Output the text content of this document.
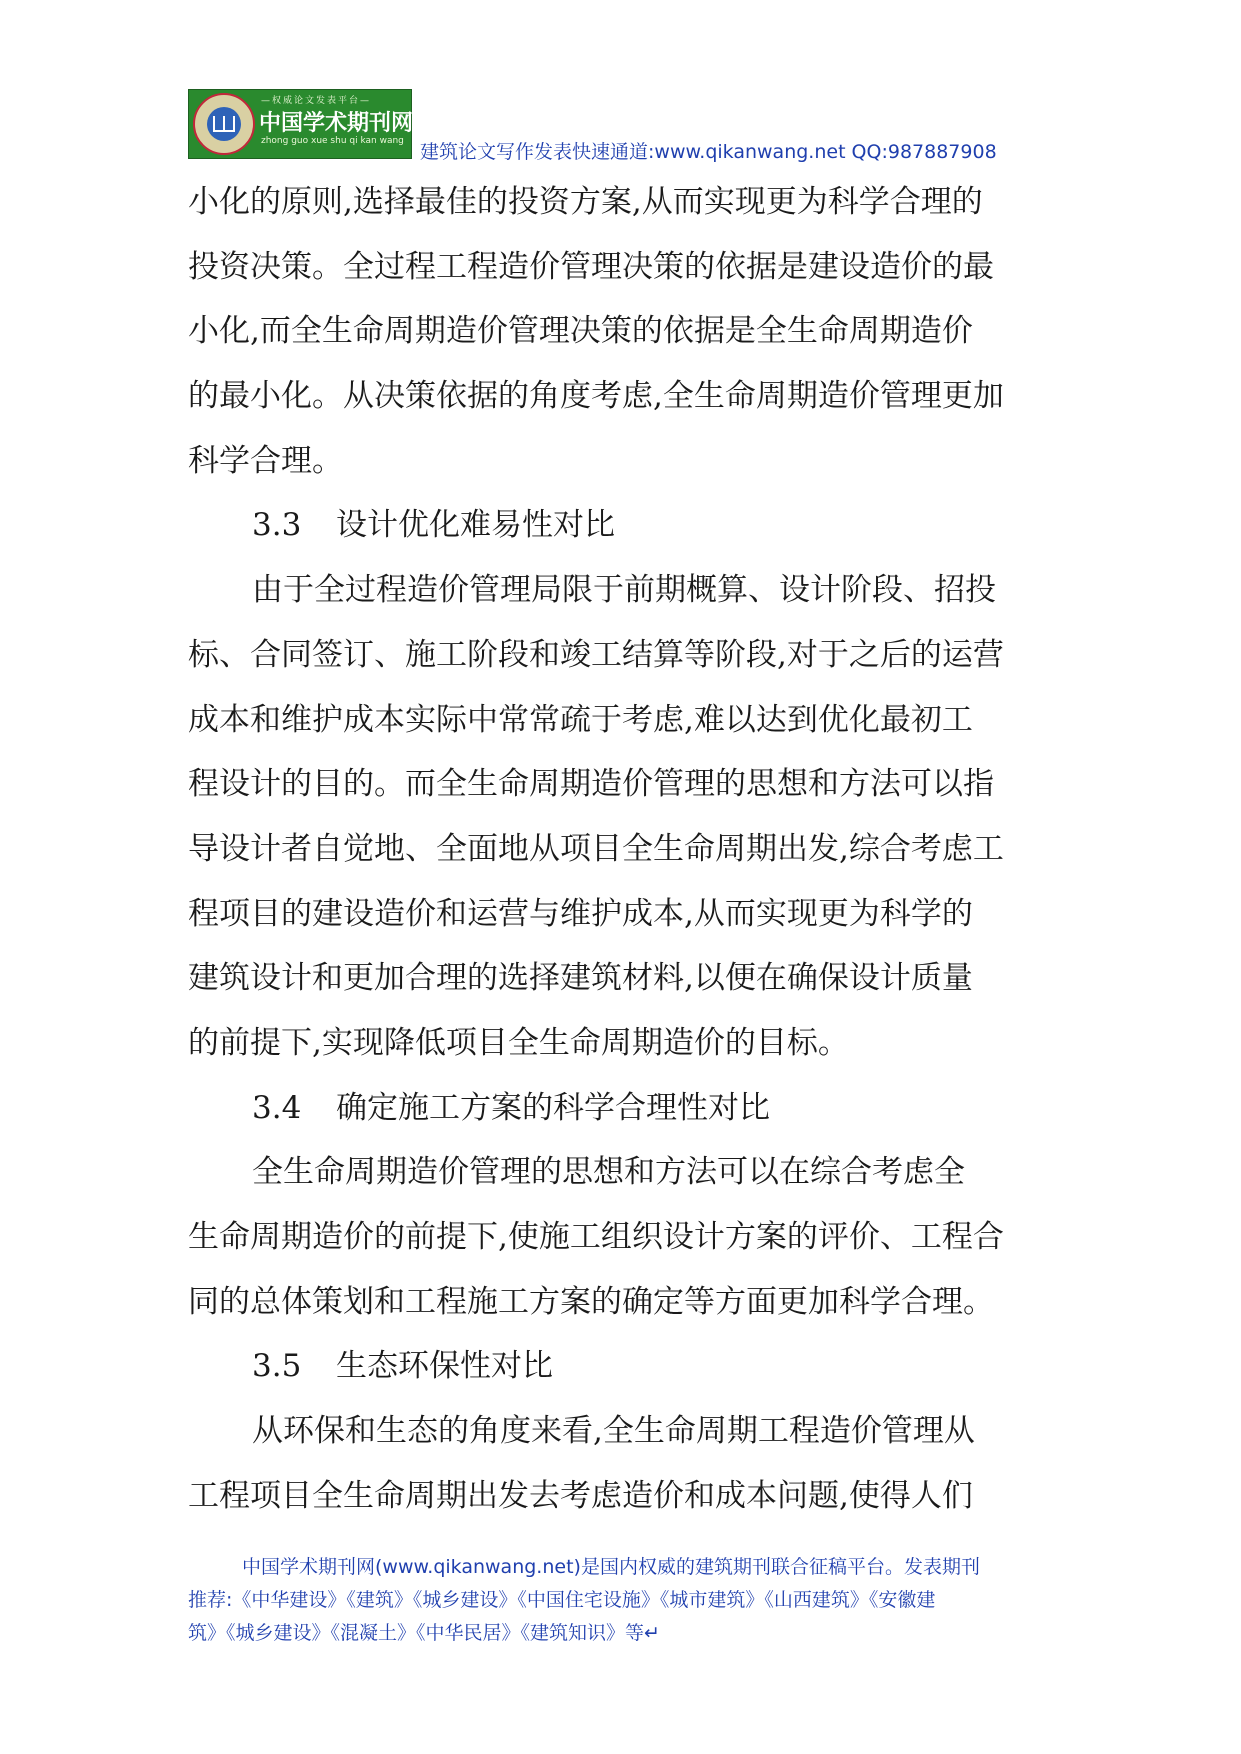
—权威论文发表平台—
中国学术期刊网
zhong guo xue shu qi kan wang 建筑论文写作发表快速通道:www.qikanwang.net QQ:987887908
小化的原则,选择最佳的投资方案,从而实现更为科学合理的
投资决策。全过程工程造价管理决策的依据是建设造价的最
小化,而全生命周期造价管理决策的依据是全生命周期造价
的最小化。从决策依据的角度考虑,全生命周期造价管理更加
科学合理。
3.3 设计优化难易性对比
由于全过程造价管理局限于前期概算、设计阶段、招投
标、合同签订、施工阶段和竣工结算等阶段,对于之后的运营
成本和维护成本实际中常常疏于考虑,难以达到优化最初工
程设计的目的。而全生命周期造价管理的思想和方法可以指
导设计者自觉地、全面地从项目全生命周期出发,综合考虑工
程项目的建设造价和运营与维护成本,从而实现更为科学的
建筑设计和更加合理的选择建筑材料,以便在确保设计质量
的前提下,实现降低项目全生命周期造价的目标。
3.4 确定施工方案的科学合理性对比
全生命周期造价管理的思想和方法可以在综合考虑全
生命周期造价的前提下,使施工组织设计方案的评价、工程合
同的总体策划和工程施工方案的确定等方面更加科学合理。
3.5 生态环保性对比
从环保和生态的角度来看,全生命周期工程造价管理从
工程项目全生命周期出发去考虑造价和成本问题,使得人们
中国学术期刊网(www.qikanwang.net)是国内权威的建筑期刊联合征稿平台。发表期刊
推荐:《中华建设》《建筑》《城乡建设》《中国住宅设施》《城市建筑》《山西建筑》《安徽建
筑》《城乡建设》《混凝土》《中华民居》《建筑知识》等↵
